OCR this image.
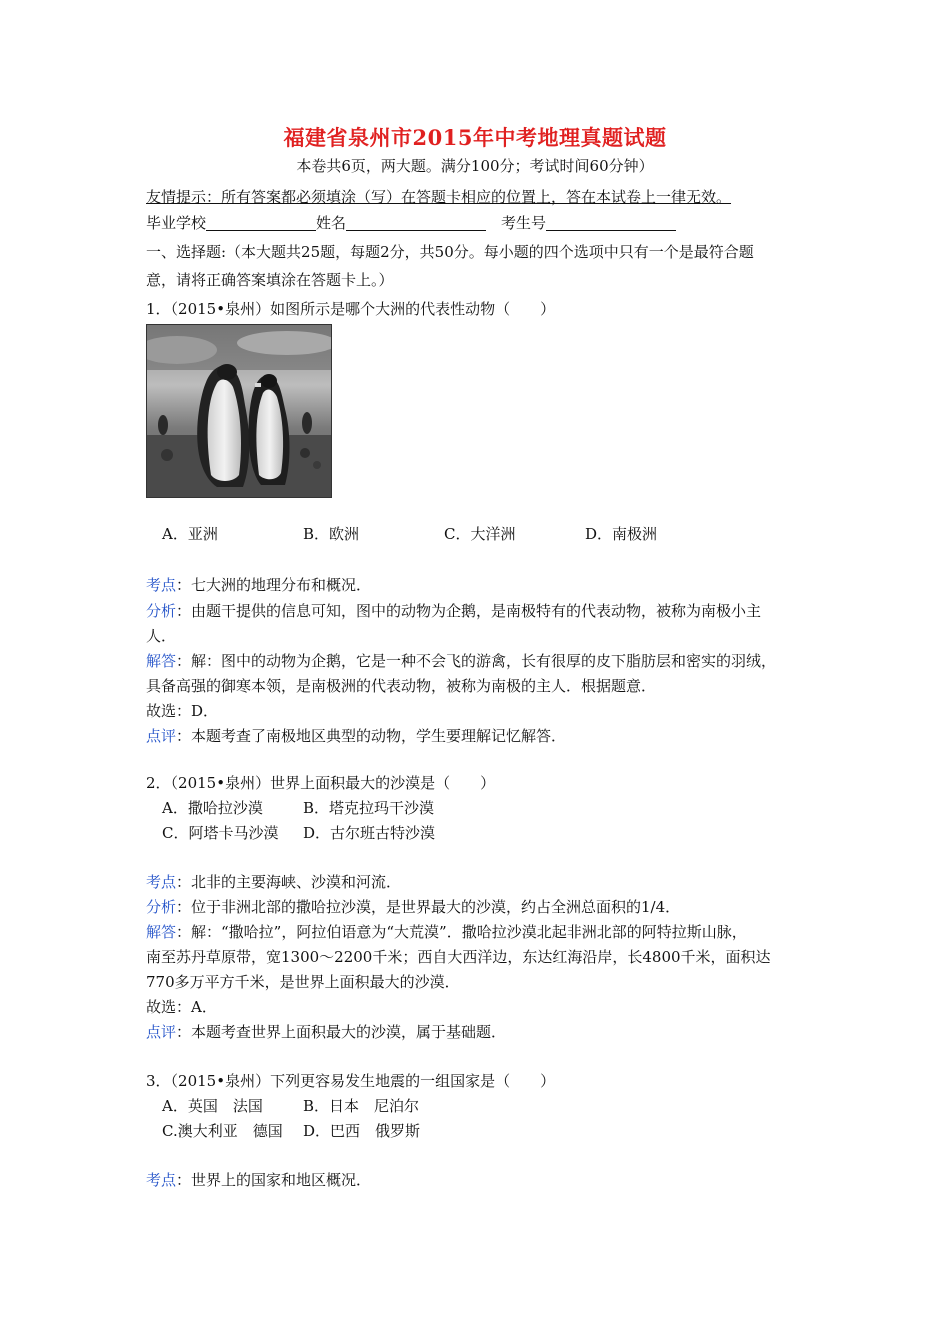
福建省泉州市2015年中考地理真题试题
本卷共6页，两大题。满分100分；考试时间60分钟）
友情提示：所有答案都必须填涂（写）在答题卡相应的位置上，答在本试卷上一律无效。
毕业学校	姓名　	考生号
一、选择题:（本大题共25题，每题2分，共50分。每小题的四个选项中只有一个是最符合题
意，请将正确答案填涂在答题卡上。）
1．（2015•泉州）如图所示是哪个大洲的代表性动物（　　）
A．亚洲	B．欧洲	C．大洋洲	D．南极洲
考点：七大洲的地理分布和概况．
分析：由题干提供的信息可知，图中的动物为企鹅，是南极特有的代表动物，被称为南极小主
人．
解答：解：图中的动物为企鹅，它是一种不会飞的游禽，长有很厚的皮下脂肪层和密实的羽绒，
具备高强的御寒本领，是南极洲的代表动物，被称为南极的主人．根据题意．
故选：D．
点评：本题考查了南极地区典型的动物，学生要理解记忆解答．
2．（2015•泉州）世界上面积最大的沙漠是（　　）
A．撒哈拉沙漠	B．塔克拉玛干沙漠
C．阿塔卡马沙漠 D．古尔班古特沙漠
考点：北非的主要海峡、沙漠和河流．
分析：位于非洲北部的撒哈拉沙漠，是世界最大的沙漠，约占全洲总面积的1/4．
解答：解：“撒哈拉”，阿拉伯语意为“大荒漠”．撒哈拉沙漠北起非洲北部的阿特拉斯山脉，
南至苏丹草原带，宽1300～2200千米；西自大西洋边，东达红海沿岸，长4800千米，面积达
770多万平方千米，是世界上面积最大的沙漠．
故选：A．
点评：本题考查世界上面积最大的沙漠，属于基础题．
3．（2015•泉州）下列更容易发生地震的一组国家是（　　）
A．英国　法国	B．日本　尼泊尔
C.澳大利亚　德国 D．巴西　俄罗斯
考点：世界上的国家和地区概况．
